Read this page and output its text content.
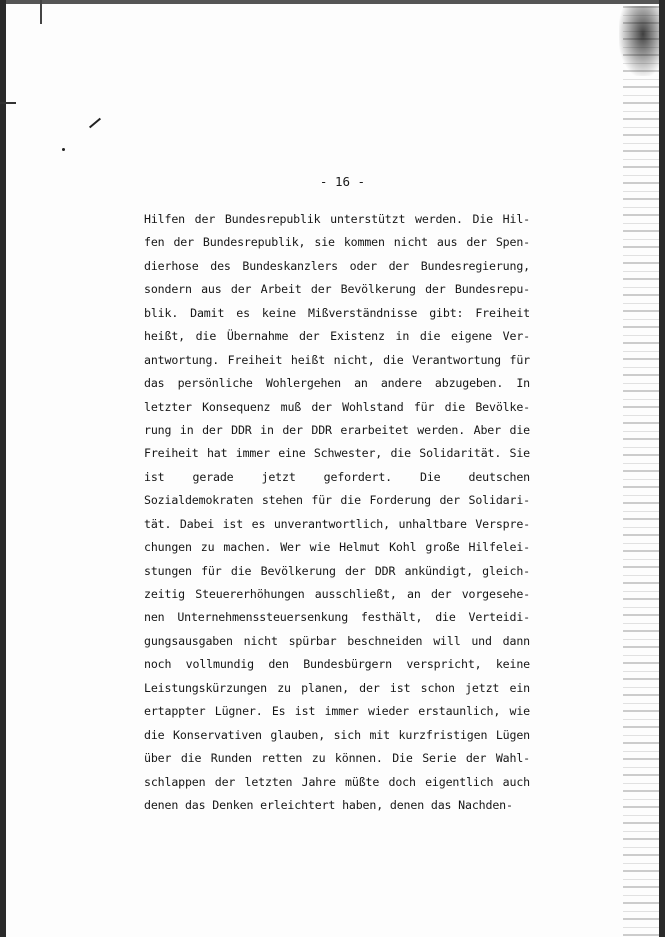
- 16 -
Hilfen der Bundesrepublik unterstützt werden. Die Hil-
fen der Bundesrepublik, sie kommen nicht aus der Spen-
dierhose des Bundeskanzlers oder der Bundesregierung,
sondern aus der Arbeit der Bevölkerung der Bundesrepu-
blik. Damit es keine Mißverständnisse gibt: Freiheit
heißt, die Übernahme der Existenz in die eigene Ver-
antwortung. Freiheit heißt nicht, die Verantwortung für
das persönliche Wohlergehen an andere abzugeben. In
letzter Konsequenz muß der Wohlstand für die Bevölke-
rung in der DDR in der DDR erarbeitet werden. Aber die
Freiheit hat immer eine Schwester, die Solidarität. Sie
ist gerade jetzt gefordert. Die deutschen
Sozialdemokraten stehen für die Forderung der Solidari-
tät. Dabei ist es unverantwortlich, unhaltbare Verspre-
chungen zu machen. Wer wie Helmut Kohl große Hilfelei-
stungen für die Bevölkerung der DDR ankündigt, gleich-
zeitig Steuererhöhungen ausschließt, an der vorgesehe-
nen Unternehmenssteuersenkung festhält, die Verteidi-
gungsausgaben nicht spürbar beschneiden will und dann
noch vollmundig den Bundesbürgern verspricht, keine
Leistungskürzungen zu planen, der ist schon jetzt ein
ertappter Lügner. Es ist immer wieder erstaunlich, wie
die Konservativen glauben, sich mit kurzfristigen Lügen
über die Runden retten zu können. Die Serie der Wahl-
schlappen der letzten Jahre müßte doch eigentlich auch
denen das Denken erleichtert haben, denen das Nachden-
